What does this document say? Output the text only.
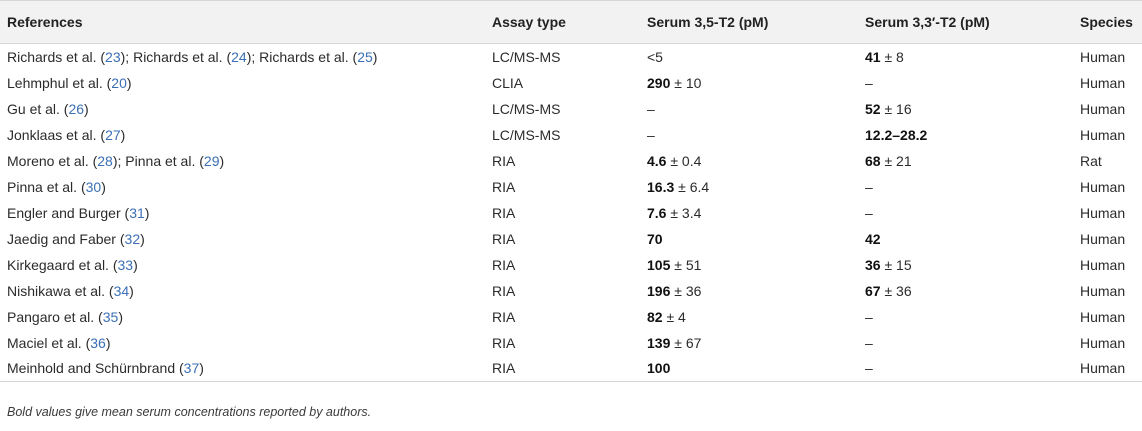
References	Assay type	Serum 3,5-T2 (pM)	Serum 3,3′-T2 (pM)	Species
Richards et al. (23); Richards et al. (24); Richards et al. (25)	LC/MS-MS	<5	41 ± 8	Human
Lehmphul et al. (20)	CLIA	290 ± 10	–	Human
Gu et al. (26)	LC/MS-MS	–	52 ± 16	Human
Jonklaas et al. (27)	LC/MS-MS	–	12.2–28.2	Human
Moreno et al. (28); Pinna et al. (29)	RIA	4.6 ± 0.4	68 ± 21	Rat
Pinna et al. (30)	RIA	16.3 ± 6.4	–	Human
Engler and Burger (31)	RIA	7.6 ± 3.4	–	Human
Jaedig and Faber (32)	RIA	70	42	Human
Kirkegaard et al. (33)	RIA	105 ± 51	36 ± 15	Human
Nishikawa et al. (34)	RIA	196 ± 36	67 ± 36	Human
Pangaro et al. (35)	RIA	82 ± 4	–	Human
Maciel et al. (36)	RIA	139 ± 67	–	Human
Meinhold and Schürnbrand (37)	RIA	100	–	Human
Bold values give mean serum concentrations reported by authors.
